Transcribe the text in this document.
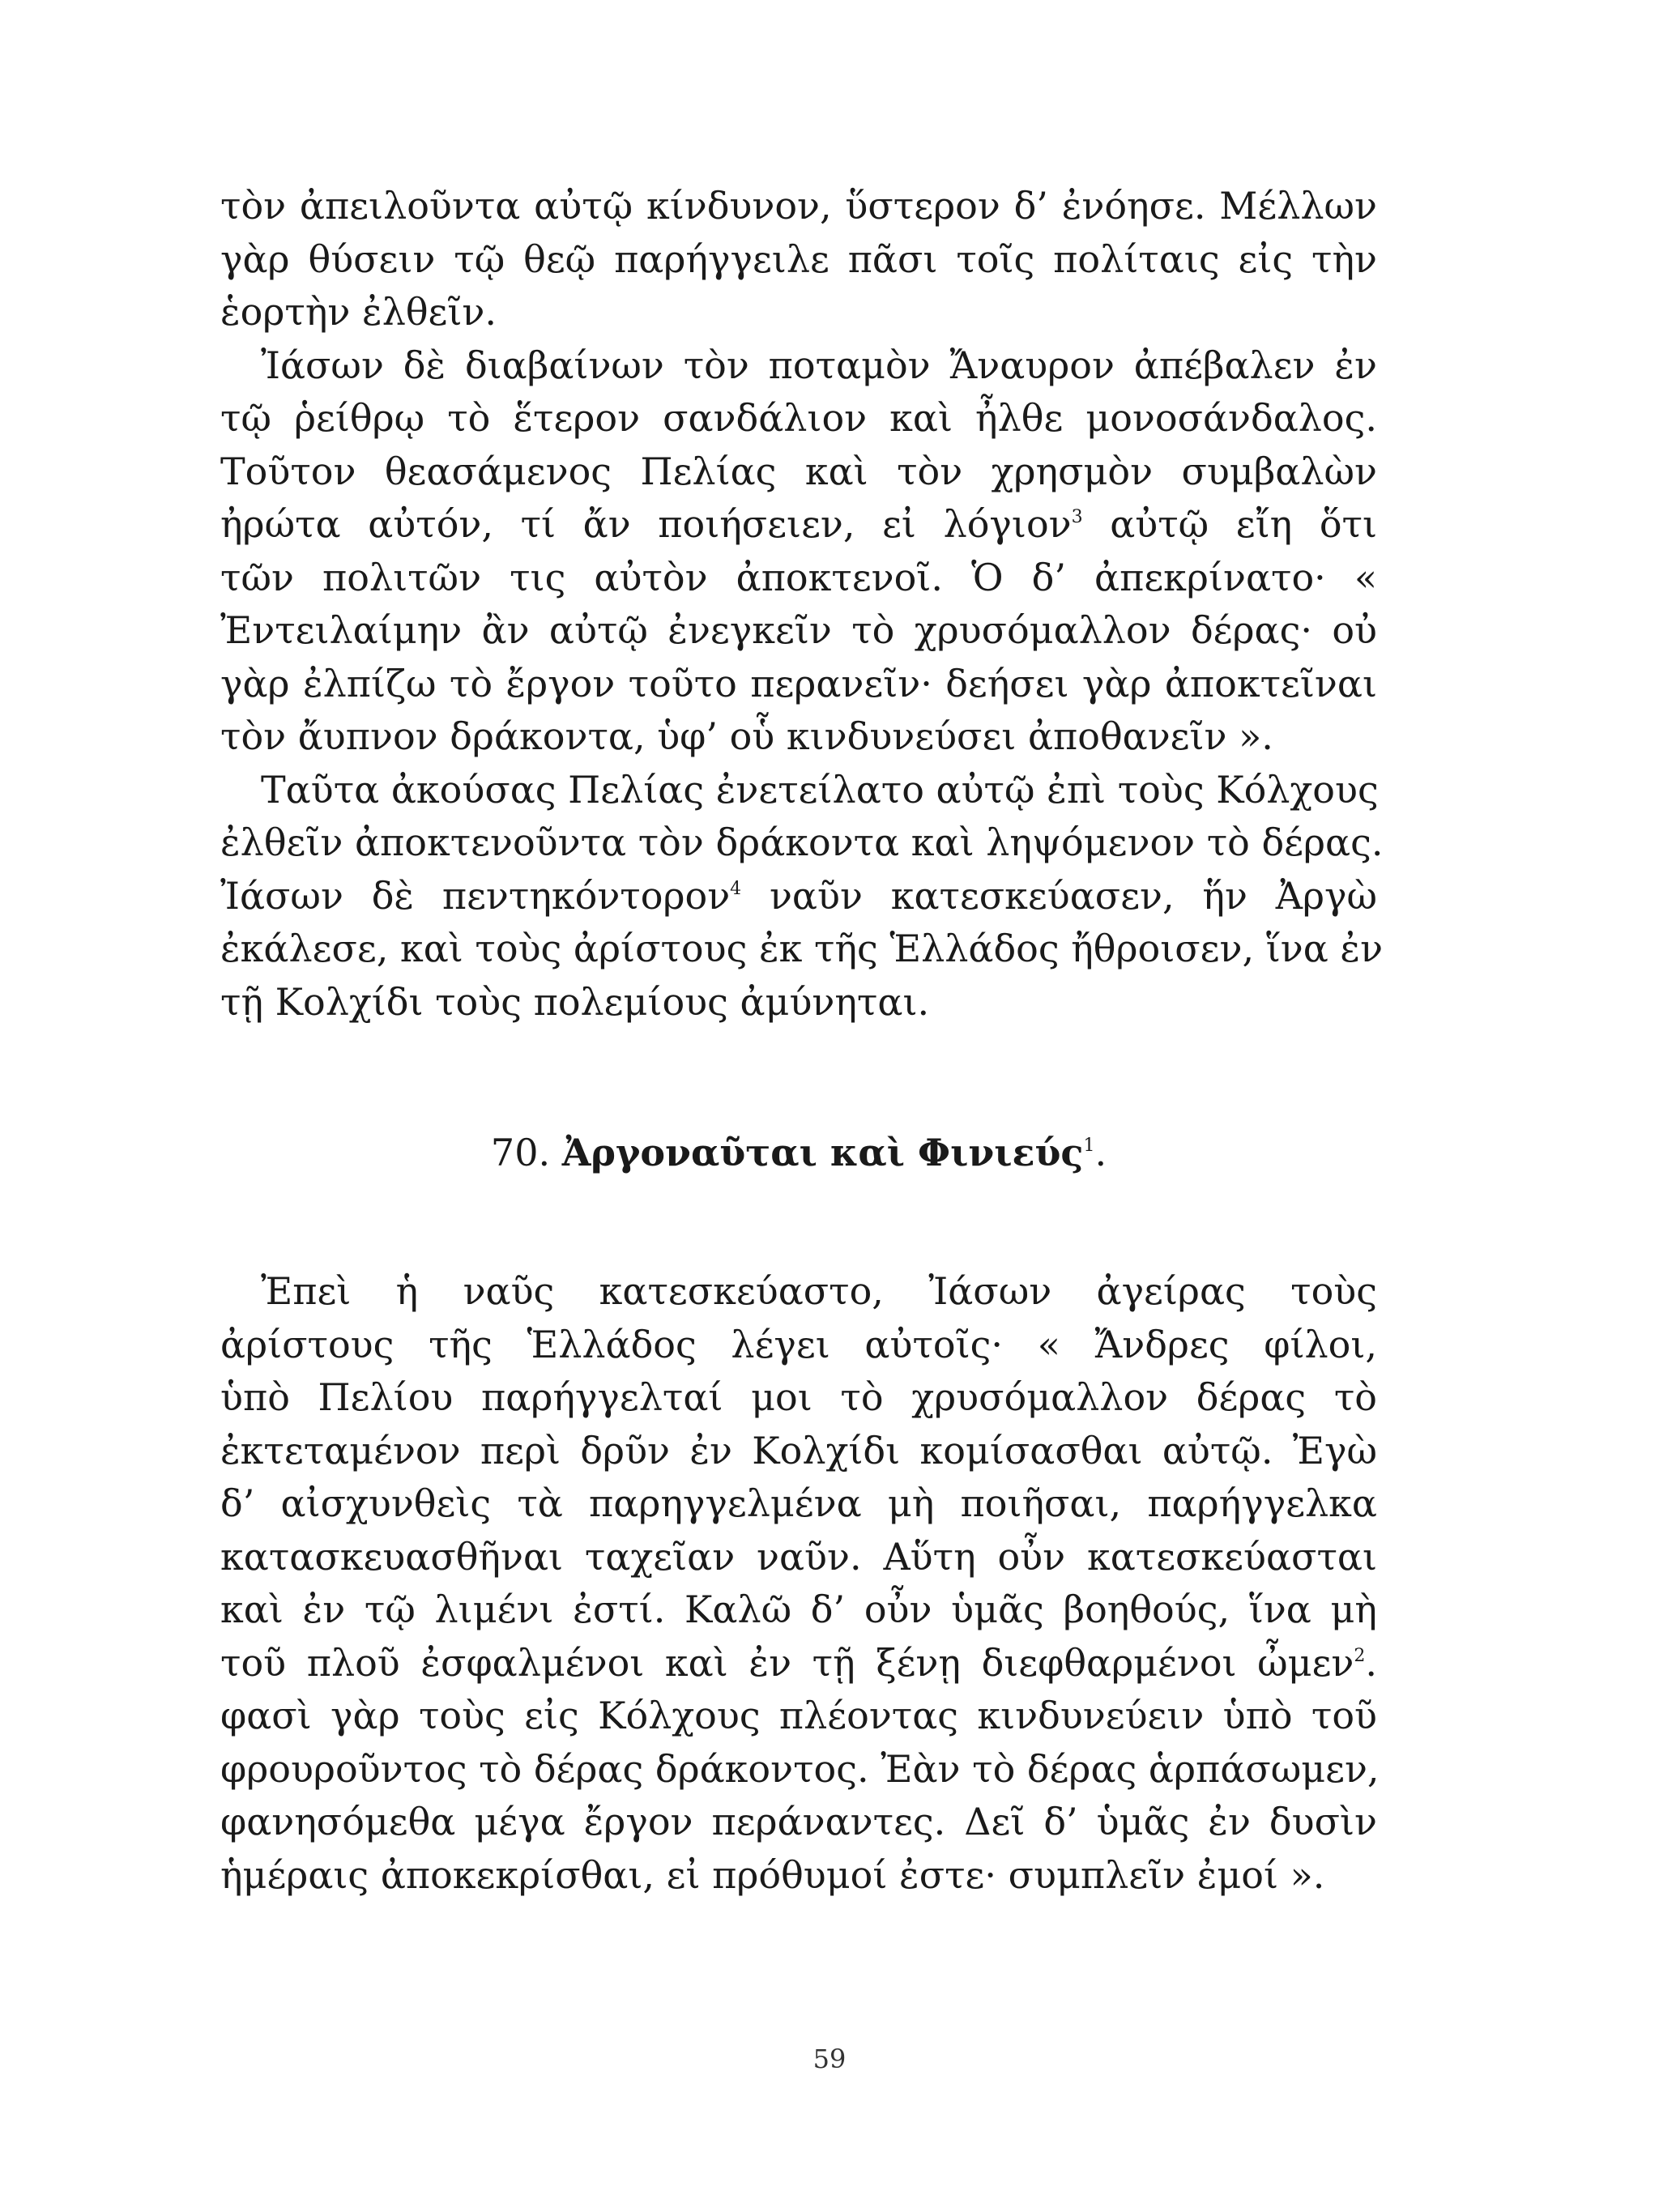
τὸν ἀπειλοῦντα αὐτῷ κίνδυνον, ὕστερον δ’ ἐνόησε. Μέλλων
γὰρ θύσειν τῷ θεῷ παρήγγειλε πᾶσι τοῖς πολίταις εἰς τὴν
ἑορτὴν ἐλθεῖν.
Ἰάσων δὲ διαβαίνων τὸν ποταμὸν Ἄναυρον ἀπέβαλεν ἐν
τῷ ῥείθρῳ τὸ ἕτερον σανδάλιον καὶ ἦλθε μονοσάνδαλος.
Τοῦτον θεασάμενος Πελίας καὶ τὸν χρησμὸν συμβαλὼν
ἠρώτα αὐτόν, τί ἄν ποιήσειεν, εἰ λόγιον$^3$ αὐτῷ εἴη ὅτι
τῶν πολιτῶν τις αὐτὸν ἀποκτενοῖ. Ὁ δ’ ἀπεκρίνατο· «
Ἐντειλαίμην ἂν αὐτῷ ἐνεγκεῖν τὸ χρυσόμαλλον δέρας· οὐ
γὰρ ἐλπίζω τὸ ἔργον τοῦτο περανεῖν· δεήσει γὰρ ἀποκτεῖναι
τὸν ἄυπνον δράκοντα, ὑφ’ οὗ κινδυνεύσει ἀποθανεῖν ».
Ταῦτα ἀκούσας Πελίας ἐνετείλατο αὐτῷ ἐπὶ τοὺς Κόλχους
ἐλθεῖν ἀποκτενοῦντα τὸν δράκοντα καὶ ληψόμενον τὸ δέρας.
Ἰάσων δὲ πεντηκόντορον$^4$ ναῦν κατεσκεύασεν, ἥν Ἀργὼ
ἐκάλεσε, καὶ τοὺς ἀρίστους ἐκ τῆς Ἑλλάδος ἤθροισεν, ἵνα ἐν
τῇ Κολχίδι τοὺς πολεμίους ἀμύνηται.
70. Ἀργοναῦται καὶ Φινιεύς$^1$.
Ἐπεὶ ἡ ναῦς κατεσκεύαστο, Ἰάσων ἀγείρας τοὺς
ἀρίστους τῆς Ἑλλάδος λέγει αὐτοῖς· « Ἄνδρες φίλοι,
ὑπὸ Πελίου παρήγγελταί μοι τὸ χρυσόμαλλον δέρας τὸ
ἐκτεταμένον περὶ δρῦν ἐν Κολχίδι κομίσασθαι αὐτῷ. Ἐγὼ
δ’ αἰσχυνθεὶς τὰ παρηγγελμένα μὴ ποιῆσαι, παρήγγελκα
κατασκευασθῆναι ταχεῖαν ναῦν. Αὕτη οὖν κατεσκεύασται
καὶ ἐν τῷ λιμένι ἐστί. Καλῶ δ’ οὖν ὑμᾶς βοηθούς, ἵνα μὴ
τοῦ πλοῦ ἐσφαλμένοι καὶ ἐν τῇ ξένῃ διεφθαρμένοι ὦμεν$^2$.
φασὶ γὰρ τοὺς εἰς Κόλχους πλέοντας κινδυνεύειν ὑπὸ τοῦ
φρουροῦντος τὸ δέρας δράκοντος. Ἐὰν τὸ δέρας ἁρπάσωμεν,
φανησόμεθα μέγα ἔργον περάναντες. Δεῖ δ’ ὑμᾶς ἐν δυσὶν
ἡμέραις ἀποκεκρίσθαι, εἰ πρόθυμοί ἐστε· συμπλεῖν ἐμοί ».
59
